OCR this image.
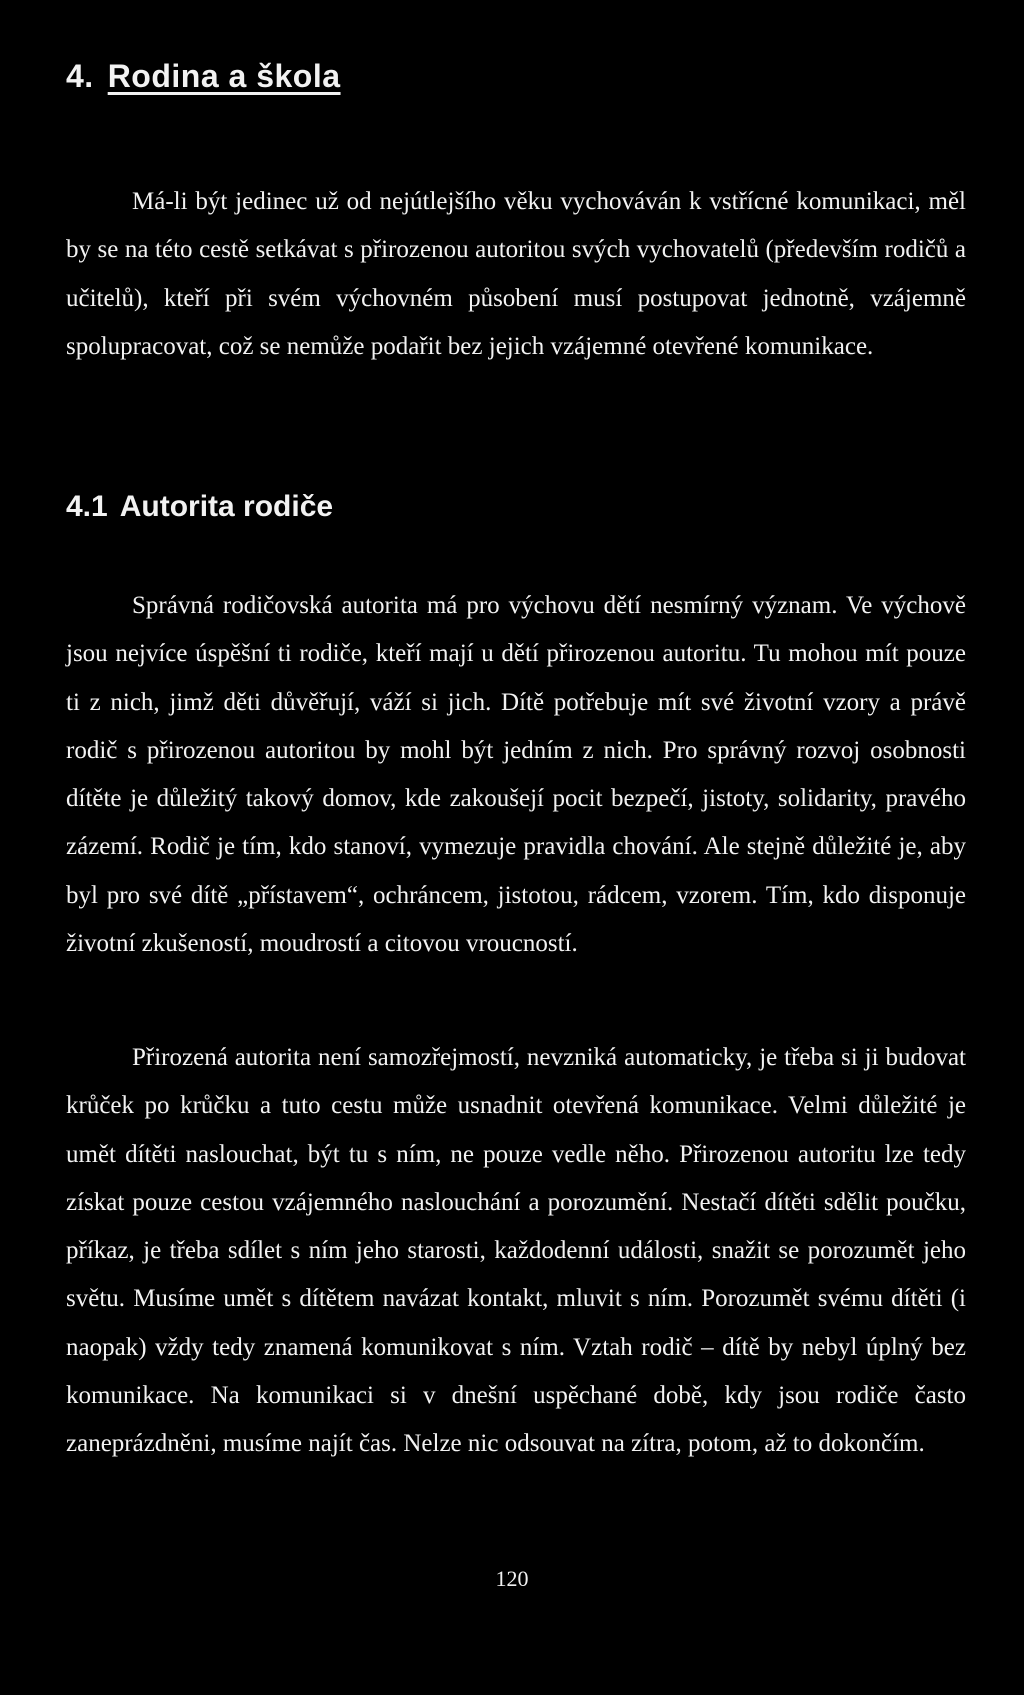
4. Rodina a škola

Má-li být jedinec už od nejútlejšího věku vychováván k vstřícné komunikaci, měl by se na této cestě setkávat s přirozenou autoritou svých vychovatelů (především rodičů a učitelů), kteří při svém výchovném působení musí postupovat jednotně, vzájemně spolupracovat, což se nemůže podařit bez jejich vzájemné otevřené komunikace.

4.1 Autorita rodiče

Správná rodičovská autorita má pro výchovu dětí nesmírný význam. Ve výchově jsou nejvíce úspěšní ti rodiče, kteří mají u dětí přirozenou autoritu. Tu mohou mít pouze ti z nich, jimž děti důvěřují, váží si jich. Dítě potřebuje mít své životní vzory a právě rodič s přirozenou autoritou by mohl být jedním z nich. Pro správný rozvoj osobnosti dítěte je důležitý takový domov, kde zakoušejí pocit bezpečí, jistoty, solidarity, pravého zázemí. Rodič je tím, kdo stanoví, vymezuje pravidla chování. Ale stejně důležité je, aby byl pro své dítě „přístavem“, ochráncem, jistotou, rádcem, vzorem. Tím, kdo disponuje životní zkušeností, moudrostí a citovou vroucností.

Přirozená autorita není samozřejmostí, nevzniká automaticky, je třeba si ji budovat krůček po krůčku a tuto cestu může usnadnit otevřená komunikace. Velmi důležité je umět dítěti naslouchat, být tu s ním, ne pouze vedle něho. Přirozenou autoritu lze tedy získat pouze cestou vzájemného naslouchání a porozumění. Nestačí dítěti sdělit poučku, příkaz, je třeba sdílet s ním jeho starosti, každodenní události, snažit se porozumět jeho světu. Musíme umět s dítětem navázat kontakt, mluvit s ním. Porozumět svému dítěti (i naopak) vždy tedy znamená komunikovat s ním. Vztah rodič – dítě by nebyl úplný bez komunikace. Na komunikaci si v dnešní uspěchané době, kdy jsou rodiče často zaneprázdněni, musíme najít čas. Nelze nic odsouvat na zítra, potom, až to dokončím.

120
